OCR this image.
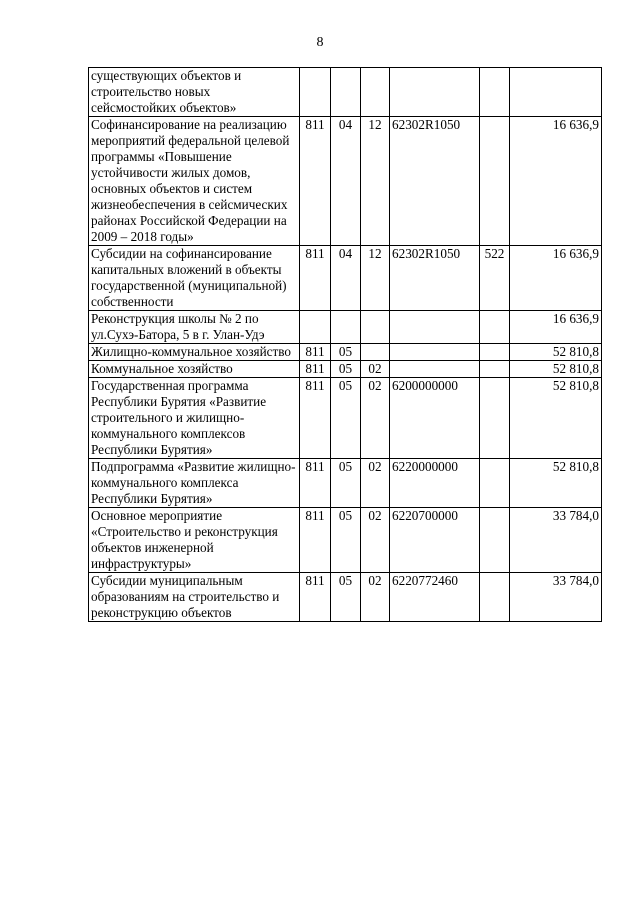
8
существующих объектов и строительство новых сейсмостойких объектов»						
Софинансирование на реализацию мероприятий федеральной целевой программы «Повышение устойчивости жилых домов, основных объектов и систем жизнеобеспечения в сейсмических районах Российской Федерации на 2009 – 2018 годы»	811	04	12	62302R1050		16 636,9
Субсидии на софинансирование капитальных вложений в объекты государственной (муниципальной) собственности	811	04	12	62302R1050	522	16 636,9
Реконструкция школы № 2 по ул.Сухэ-Батора, 5 в г. Улан-Удэ						16 636,9
Жилищно-коммунальное хозяйство	811	05				52 810,8
Коммунальное хозяйство	811	05	02			52 810,8
Государственная программа Республики Бурятия «Развитие строительного и жилищно-коммунального комплексов Республики Бурятия»	811	05	02	6200000000		52 810,8
Подпрограмма «Развитие жилищно-коммунального комплекса Республики Бурятия»	811	05	02	6220000000		52 810,8
Основное мероприятие «Строительство и реконструкция объектов инженерной инфраструктуры»	811	05	02	6220700000		33 784,0
Субсидии муниципальным образованиям на строительство и реконструкцию объектов	811	05	02	6220772460		33 784,0
